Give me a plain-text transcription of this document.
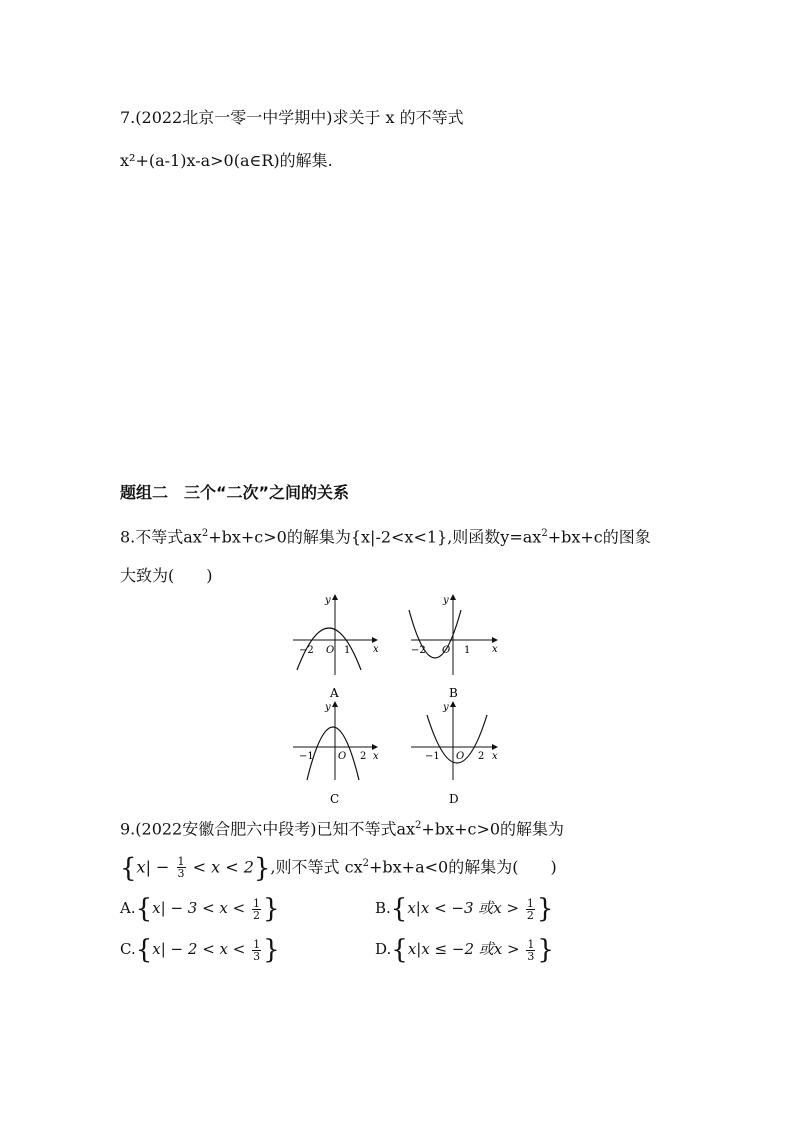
7.(2022北京一零一中学期中)求关于 x 的不等式
x²+(a-1)x-a>0(a∈R)的解集.
题组二　三个“二次”之间的关系
8.不等式$ax^2+bx+c>0$的解集为{x|-2<x<1},则函数$y=ax^2+bx+c$的图象
大致为(　　)
y
x
O
−2	1
A
y
x
O
−2	1
B
y
x
O
−1	2
C
y
x
O
−1	2
D
9.(2022安徽合肥六中段考)已知不等式$ax^2+bx+c>0$的解集为
$\{x| - \frac{1}{3} < x < 2\}$,则不等式 $cx^2+bx+a<0$的解集为(　　)
$A.\{x| - 3 < x < \frac{1}{2}$ }	B.{x|x < −3 或$x > \frac{1}{2}$ }
$C.\{x| - 2 < x < \frac{1}{3}$ }	D.{x|x ≤ −2 或$x > \frac{1}{3}$ }
